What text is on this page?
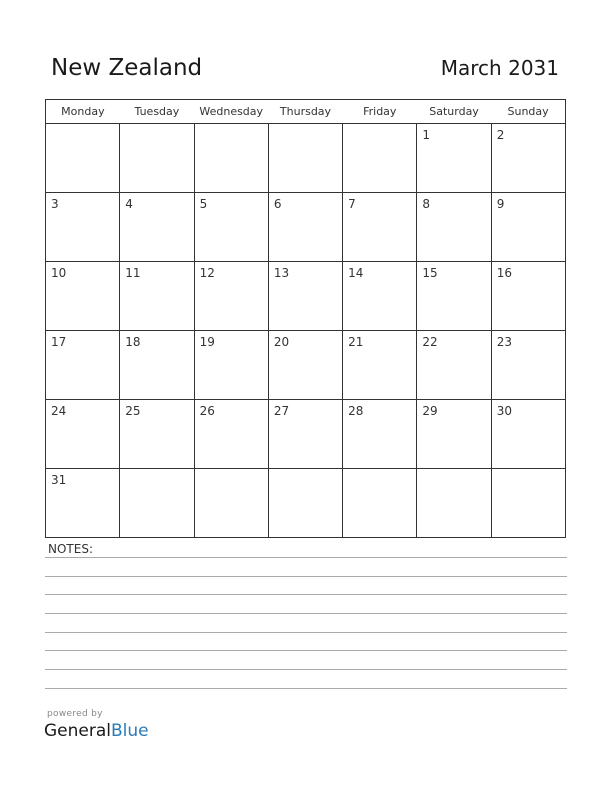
New Zealand	March 2031
Monday	Tuesday	Wednesday	Thursday	Friday	Saturday	Sunday
					1	2
3	4	5	6	7	8	9
10	11	12	13	14	15	16
17	18	19	20	21	22	23
24	25	26	27	28	29	30
31						
NOTES:
powered by
GeneralBlue
